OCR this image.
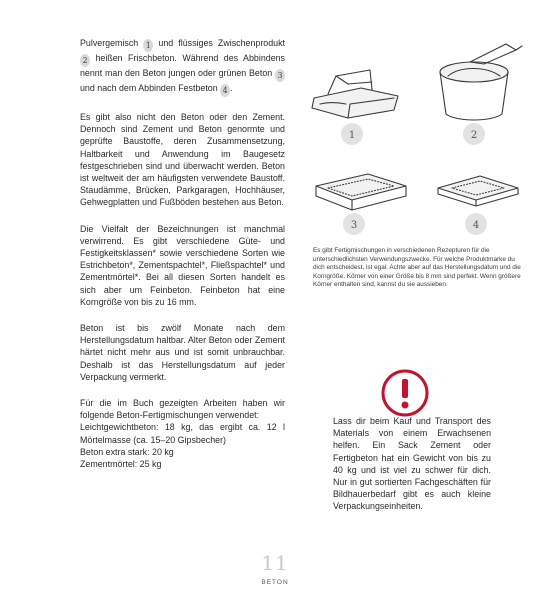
Pulvergemisch 1 und flüssiges Zwischenprodukt 2 heißen Frischbeton. Während des Abbindens nennt man den Beton jungen oder grünen Beton 3 und nach dem Abbinden Festbeton 4 .

Es gibt also nicht den Beton oder den Zement. Dennoch sind Zement und Beton genormte und geprüfte Baustoffe, deren Zusammensetzung, Haltbarkeit und Anwendung im Baugesetz festgeschrieben sind und überwacht werden. Beton ist weltweit der am häufigsten verwendete Baustoff. Staudämme, Brücken, Parkgaragen, Hochhäuser, Gehwegplatten und Fußböden bestehen aus Beton.

Die Vielfalt der Bezeichnungen ist manchmal verwirrend. Es gibt verschiedene Güte- und Festigkeitsklassen* sowie verschiedene Sorten wie Estrichbeton*, Zementspachtel*, Fließspachtel* und Zementmörtel*. Bei all diesen Sorten handelt es sich aber um Feinbeton. Feinbeton hat eine Korngröße von bis zu 16 mm.

Beton ist bis zwölf Monate nach dem Herstellungsdatum haltbar. Alter Beton oder Zement härtet nicht mehr aus und ist somit unbrauchbar. Deshalb ist das Herstellungsdatum auf jeder Verpackung vermerkt.

Für die im Buch gezeigten Arbeiten haben wir folgende Beton-Fertigmischungen verwendet:
Leichtgewichtbeton: 18 kg, das ergibt ca. 12 l Mörtelmasse (ca. 15–20 Gipsbecher)
Beton extra stark: 20 kg
Zementmörtel: 25 kg

1	2
3	4
Es gibt Fertigmischungen in verschiedenen Rezepturen für die unterschiedlichsten Verwendungszwecke. Für welche Produktmarke du dich entscheidest, ist egal. Achte aber auf das Herstellungsdatum und die Korngröße. Körner von einer Größe bis 8 mm sind perfekt. Wenn größere Körner enthalten sind, kannst du sie aussieben.
Lass dir beim Kauf und Transport des Materials von einem Erwachsenen helfen. Ein Sack Zement oder Fertigbeton hat ein Gewicht von bis zu 40 kg und ist viel zu schwer für dich. Nur in gut sortierten Fachgeschäften für Bildhauerbedarf gibt es auch kleine Verpackungseinheiten.
11
BETON
